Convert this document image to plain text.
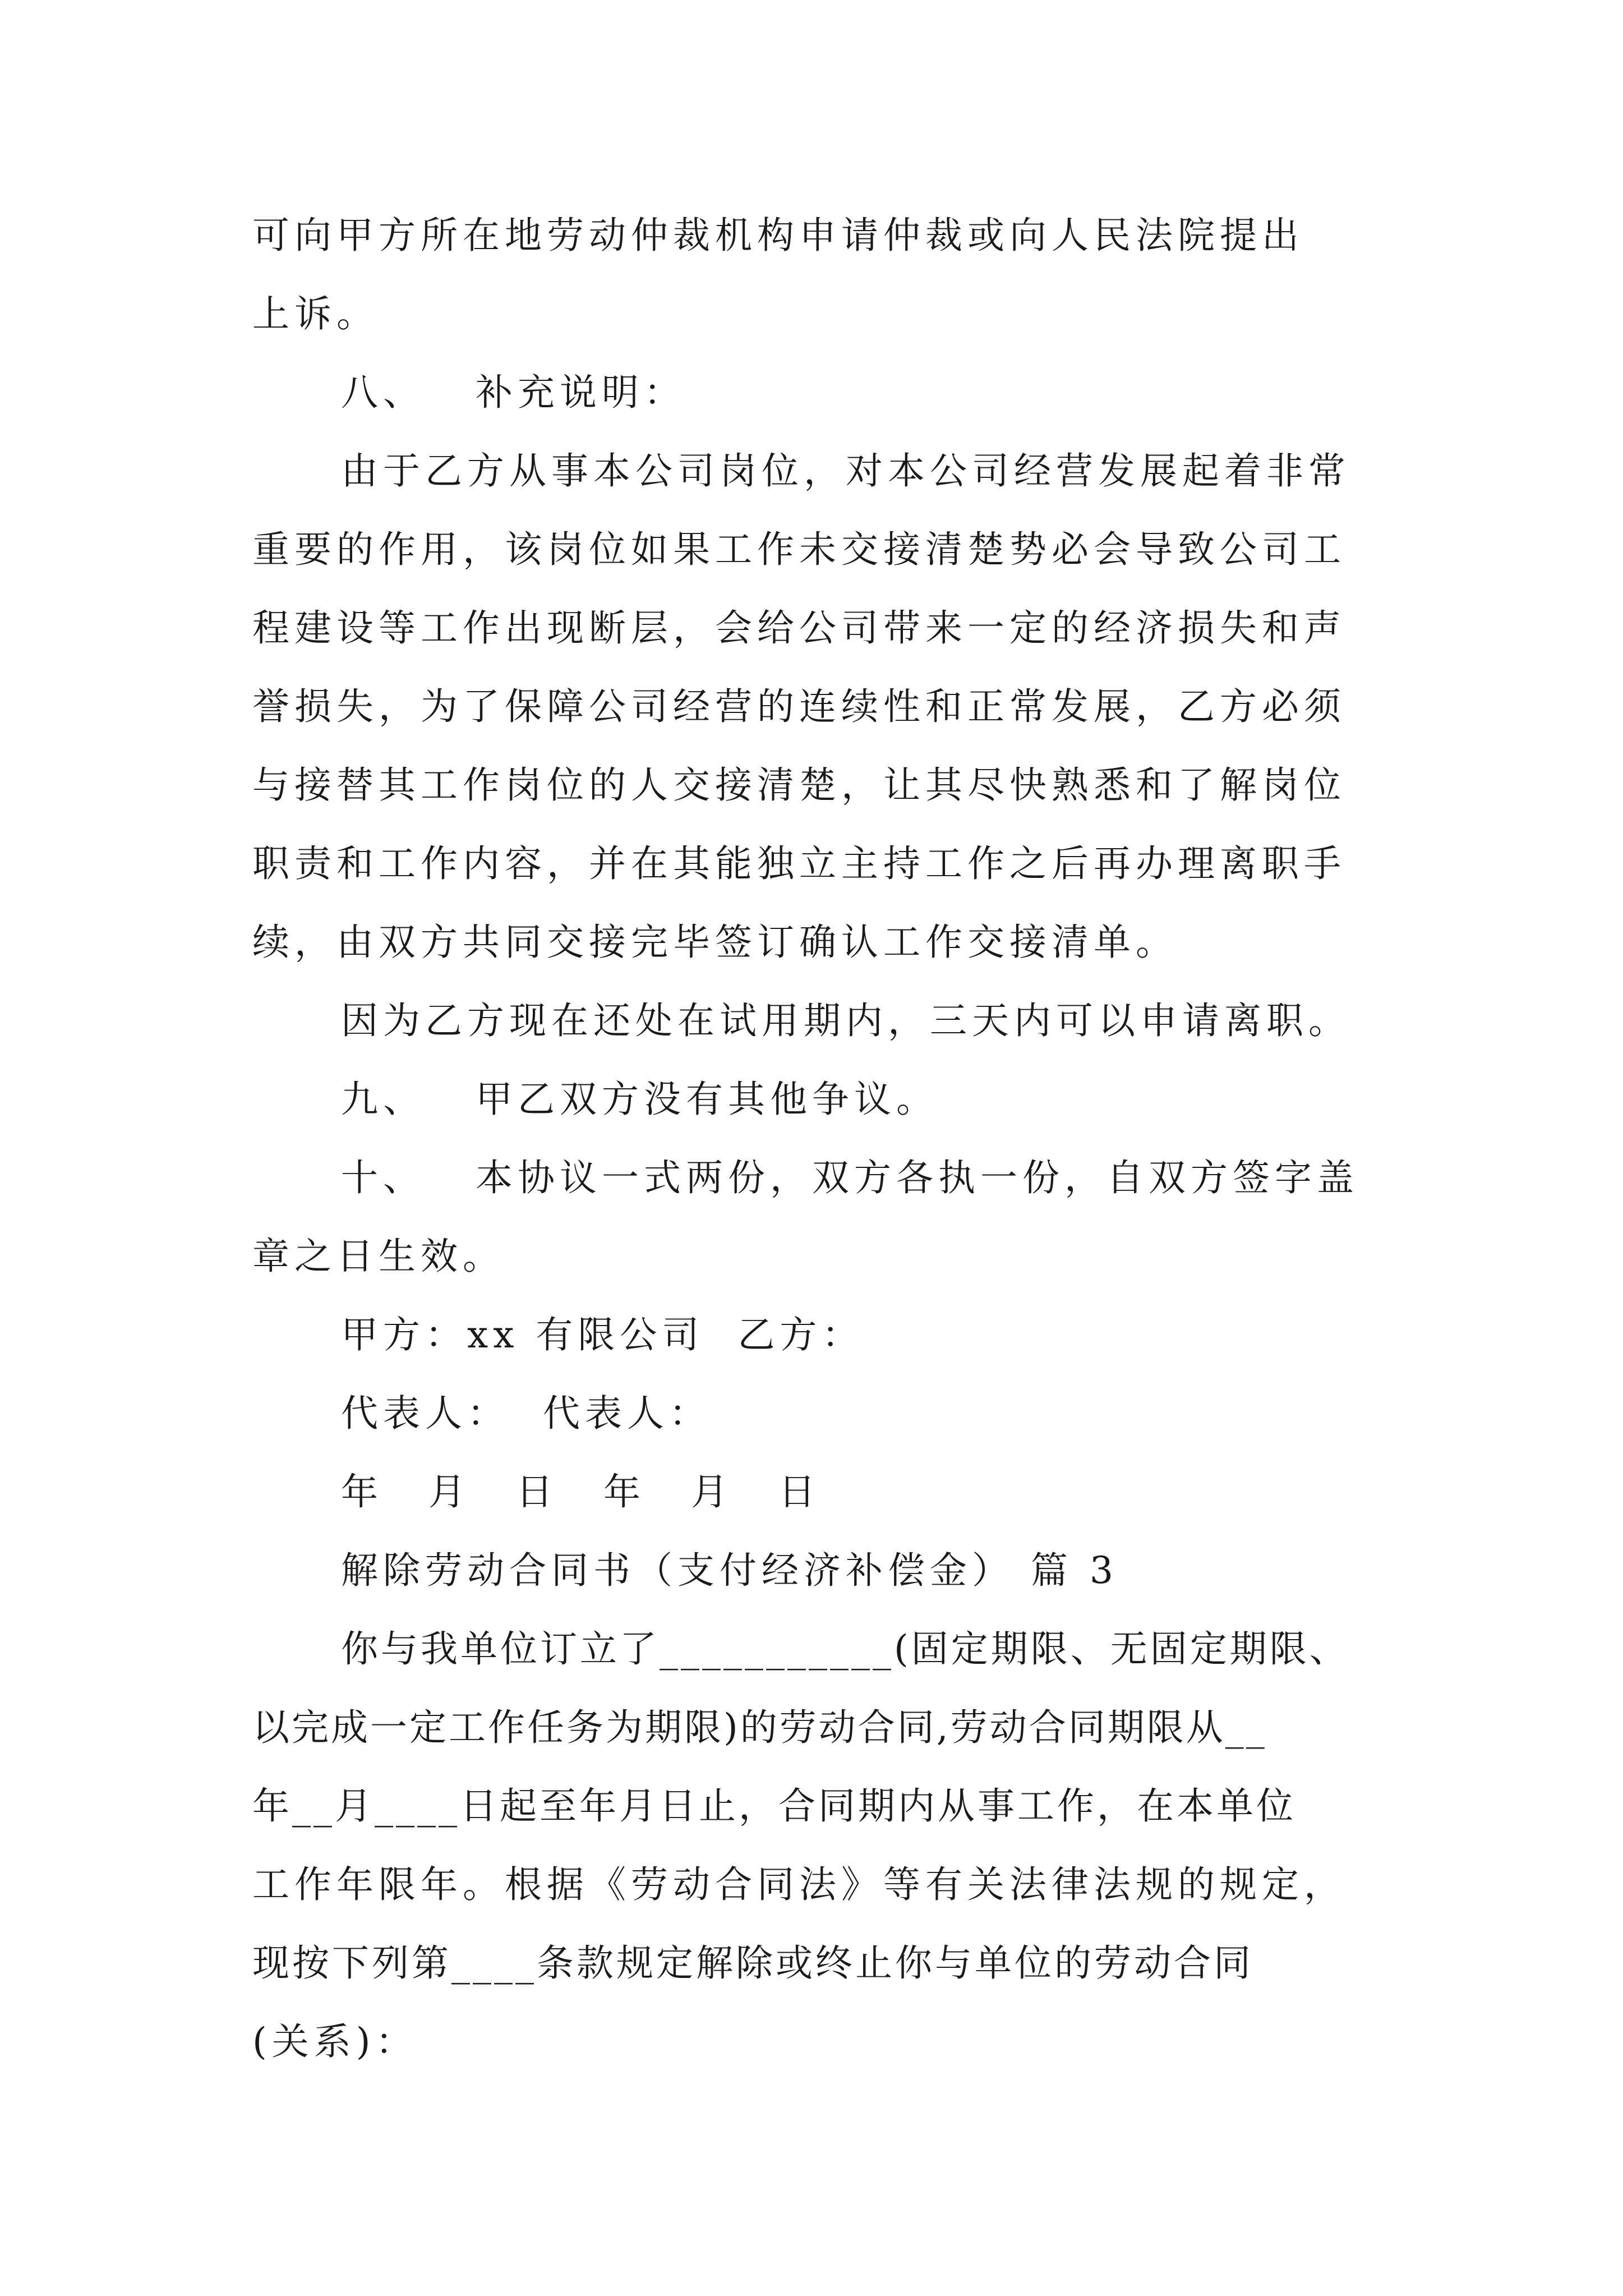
可向甲方所在地劳动仲裁机构申请仲裁或向人民法院提出
上诉。
八、 补充说明：
由于乙方从事本公司岗位，对本公司经营发展起着非常
重要的作用，该岗位如果工作未交接清楚势必会导致公司工
程建设等工作出现断层，会给公司带来一定的经济损失和声
誉损失，为了保障公司经营的连续性和正常发展，乙方必须
与接替其工作岗位的人交接清楚，让其尽快熟悉和了解岗位
职责和工作内容，并在其能独立主持工作之后再办理离职手
续，由双方共同交接完毕签订确认工作交接清单。
因为乙方现在还处在试用期内，三天内可以申请离职。
九、 甲乙双方没有其他争议。
十、 本协议一式两份，双方各执一份，自双方签字盖
章之日生效。
甲方：xx 有限公司 乙方：
代表人： 代表人：
年 月 日 年 月 日
解除劳动合同书（支付经济补偿金） 篇 3
你与我单位订立了___________(固定期限、无固定期限、
以完成一定工作任务为期限)的劳动合同,劳动合同期限从__
年__月____日起至年月日止，合同期内从事工作，在本单位
工作年限年。根据《劳动合同法》等有关法律法规的规定，
现按下列第____条款规定解除或终止你与单位的劳动合同
(关系)：
